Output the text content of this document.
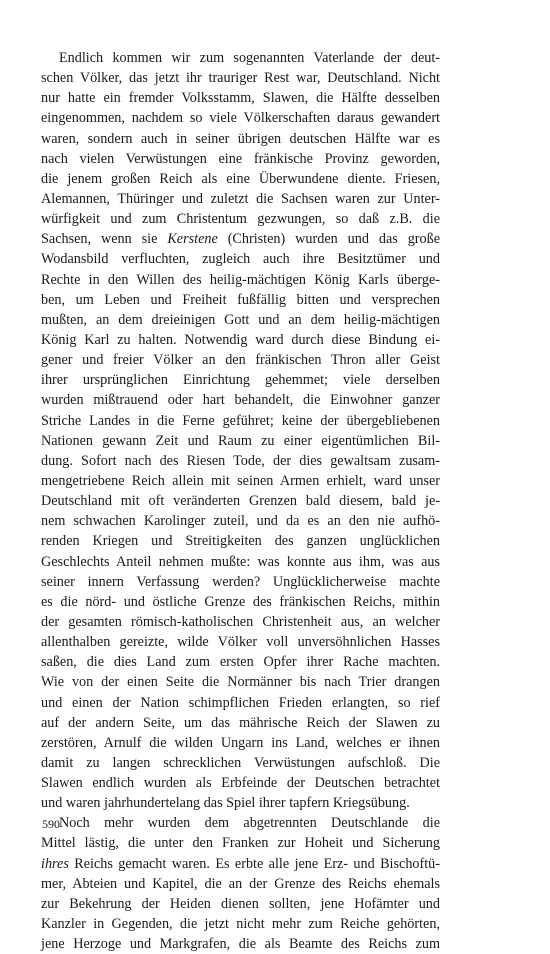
Endlich kommen wir zum sogenannten Vaterlande der deut-
schen Völker, das jetzt ihr trauriger Rest war, Deutschland. Nicht
nur hatte ein fremder Volksstamm, Slawen, die Hälfte desselben
eingenommen, nachdem so viele Völkerschaften daraus gewandert
waren, sondern auch in seiner übrigen deutschen Hälfte war es
nach vielen Verwüstungen eine fränkische Provinz geworden,
die jenem großen Reich als eine Überwundene diente. Friesen,
Alemannen, Thüringer und zuletzt die Sachsen waren zur Unter-
würfigkeit und zum Christentum gezwungen, so daß z.B. die
Sachsen, wenn sie Kerstene (Christen) wurden und das große
Wodansbild verfluchten, zugleich auch ihre Besitztümer und
Rechte in den Willen des heilig-mächtigen König Karls überge-
ben, um Leben und Freiheit fußfällig bitten und versprechen
mußten, an dem dreieinigen Gott und an dem heilig-mächtigen
König Karl zu halten. Notwendig ward durch diese Bindung ei-
gener und freier Völker an den fränkischen Thron aller Geist
ihrer ursprünglichen Einrichtung gehemmet; viele derselben
wurden mißtrauend oder hart behandelt, die Einwohner ganzer
Striche Landes in die Ferne geführet; keine der übergebliebenen
Nationen gewann Zeit und Raum zu einer eigentümlichen Bil-
dung. Sofort nach des Riesen Tode, der dies gewaltsam zusam-
mengetriebene Reich allein mit seinen Armen erhielt, ward unser
Deutschland mit oft veränderten Grenzen bald diesem, bald je-
nem schwachen Karolinger zuteil, und da es an den nie aufhö-
renden Kriegen und Streitigkeiten des ganzen unglücklichen
Geschlechts Anteil nehmen mußte: was konnte aus ihm, was aus
seiner innern Verfassung werden? Unglücklicherweise machte
es die nörd- und östliche Grenze des fränkischen Reichs, mithin
der gesamten römisch-katholischen Christenheit aus, an welcher
allenthalben gereizte, wilde Völker voll unversöhnlichen Hasses
saßen, die dies Land zum ersten Opfer ihrer Rache machten.
Wie von der einen Seite die Normänner bis nach Trier drangen
und einen der Nation schimpflichen Frieden erlangten, so rief
auf der andern Seite, um das mährische Reich der Slawen zu
zerstören, Arnulf die wilden Ungarn ins Land, welches er ihnen
damit zu langen schrecklichen Verwüstungen aufschloß. Die
Slawen endlich wurden als Erbfeinde der Deutschen betrachtet
und waren jahrhundertelang das Spiel ihrer tapfern Kriegsübung.
Noch mehr wurden dem abgetrennten Deutschlande die
Mittel lästig, die unter den Franken zur Hoheit und Sicherung
ihres Reichs gemacht waren. Es erbte alle jene Erz- und Bischoftü-
mer, Abteien und Kapitel, die an der Grenze des Reichs ehemals
zur Bekehrung der Heiden dienen sollten, jene Hofämter und
Kanzler in Gegenden, die jetzt nicht mehr zum Reiche gehörten,
jene Herzoge und Markgrafen, die als Beamte des Reichs zum
590
